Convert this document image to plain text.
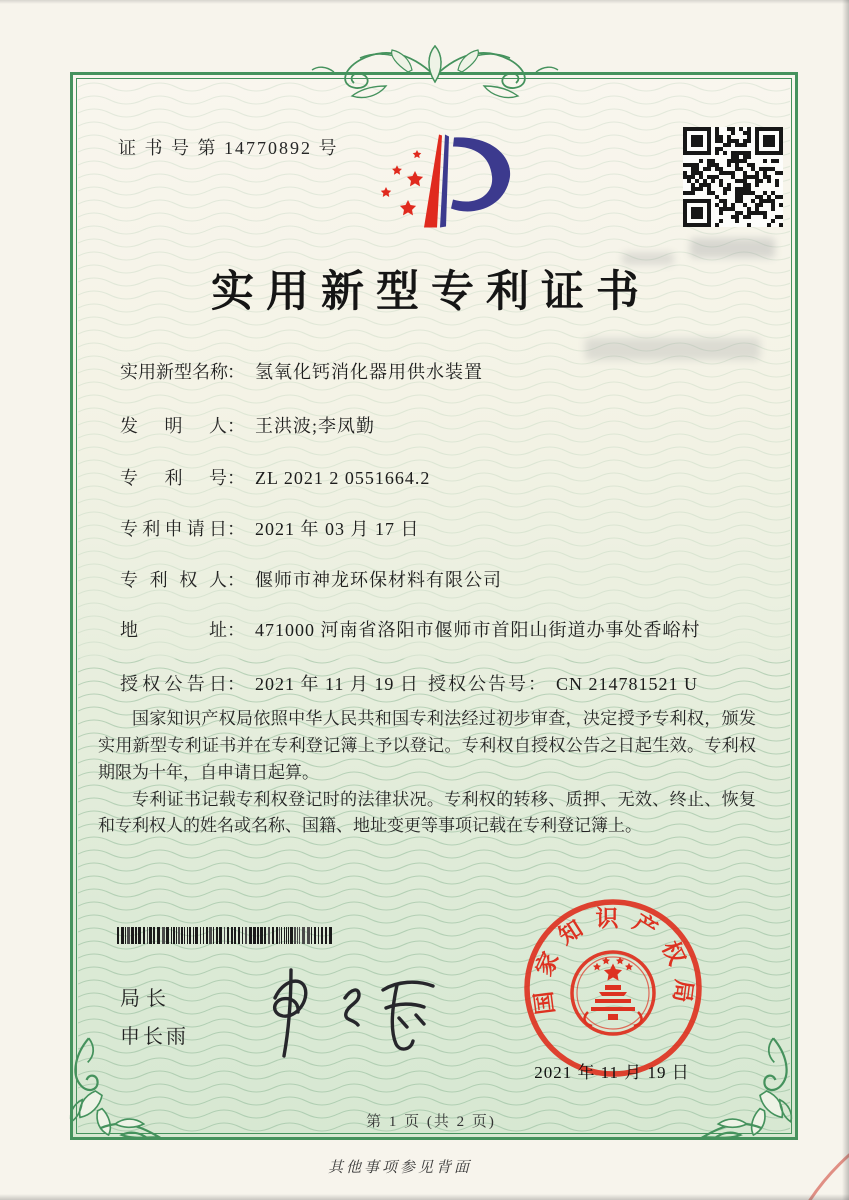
证 书 号 第 14770892 号
实用新型专利证书
实用新型名称： 氢氧化钙消化器用供水装置
发明人： 王洪波;李凤勤
专利号： ZL 2021 2 0551664.2
专利申请日： 2021 年 03 月 17 日
专利权人： 偃师市神龙环保材料有限公司
地址： 471000 河南省洛阳市偃师市首阳山街道办事处香峪村
授权公告日： 2021 年 11 月 19 日 授权公告号： CN 214781521 U

国家知识产权局依照中华人民共和国专利法经过初步审查，决定授予专利权，颁发实用新型专利证书并在专利登记簿上予以登记。专利权自授权公告之日起生效。专利权期限为十年，自申请日起算。

专利证书记载专利权登记时的法律状况。专利权的转移、质押、无效、终止、恢复和专利权人的姓名或名称、国籍、地址变更等事项记载在专利登记簿上。

局长
申长雨
国家知识产权局
2021 年 11 月 19 日
第 1 页 (共 2 页)
其他事项参见背面
